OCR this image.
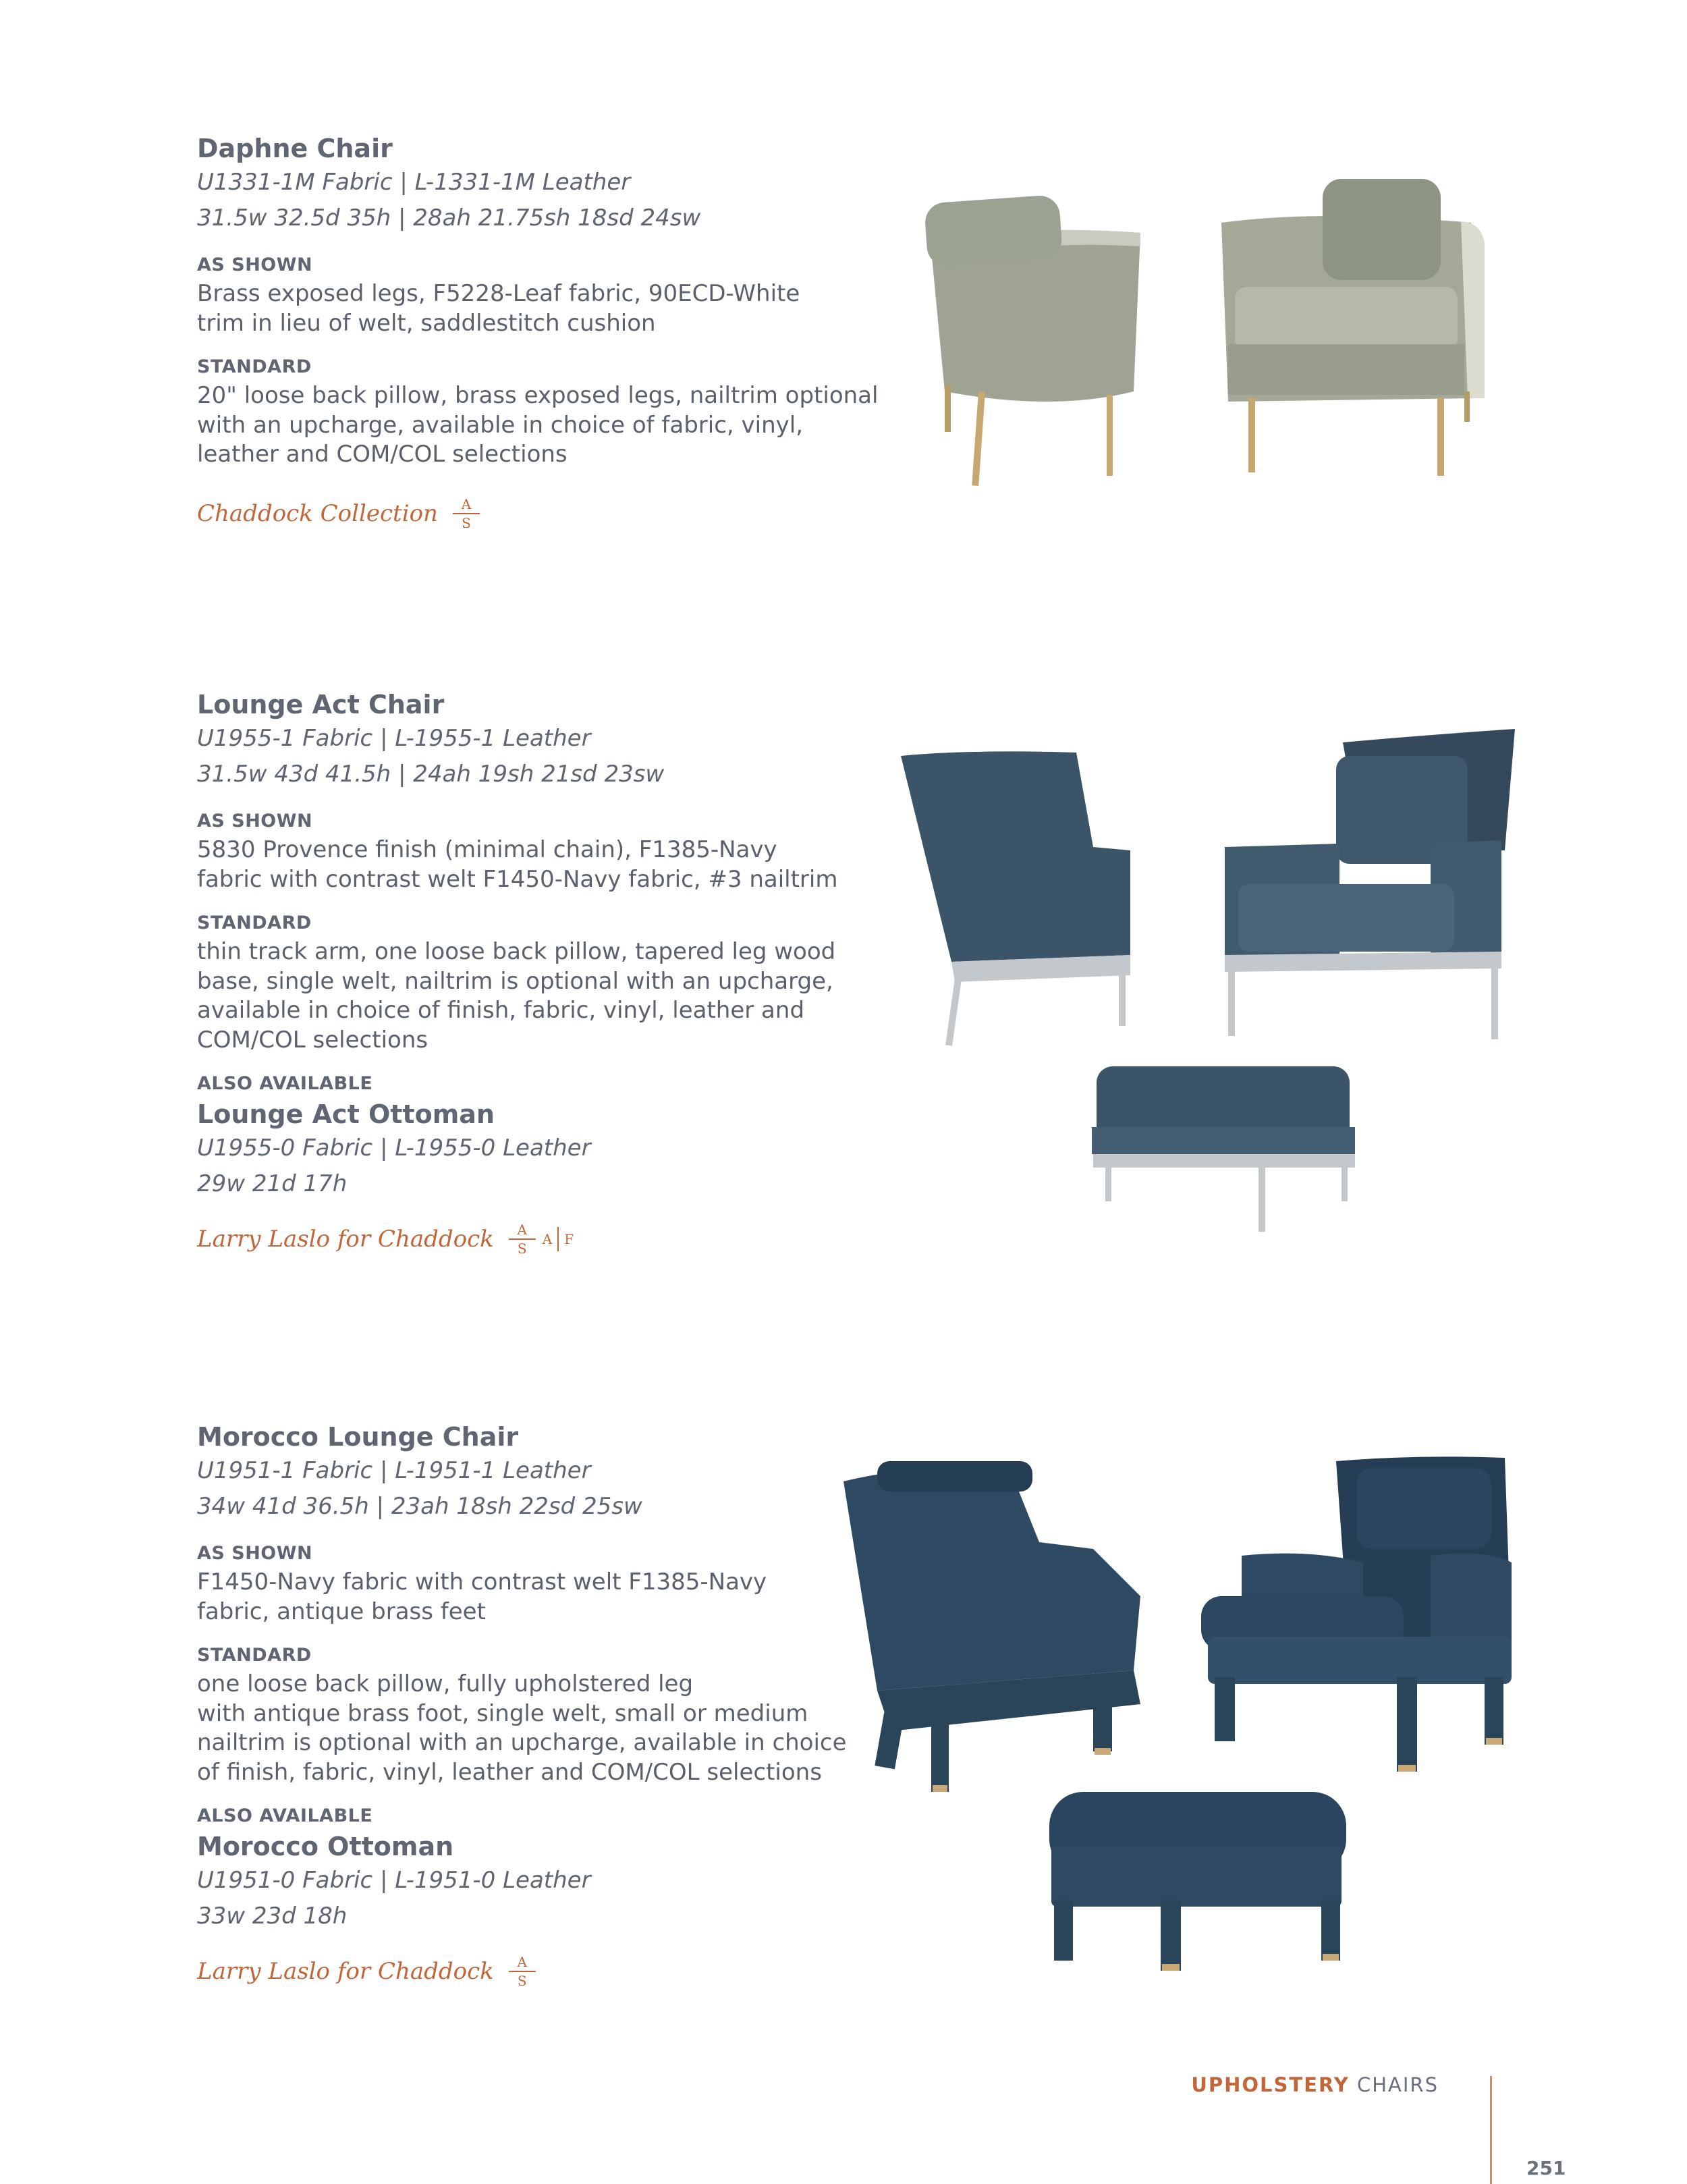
Daphne Chair

U1331-1M Fabric | L-1331-1M Leather

31.5w 32.5d 35h | 28ah 21.75sh 18sd 24sw

AS SHOWN

Brass exposed legs, F5228-Leaf fabric, 90ECD-White
trim in lieu of welt, saddlestitch cushion

STANDARD

20" loose back pillow, brass exposed legs, nailtrim optional
with an upcharge, available in choice of fabric, vinyl,
leather and COM/COL selections

Chaddock Collection $\frac{A}{S}$

Lounge Act Chair

U1955-1 Fabric | L-1955-1 Leather

31.5w 43d 41.5h | 24ah 19sh 21sd 23sw

AS SHOWN

5830 Provence finish (minimal chain), F1385-Navy
fabric with contrast welt F1450-Navy fabric, #3 nailtrim

STANDARD

thin track arm, one loose back pillow, tapered leg wood
base, single welt, nailtrim is optional with an upcharge,
available in choice of finish, fabric, vinyl, leather and
COM/COL selections

ALSO AVAILABLE

Lounge Act Ottoman

U1955-0 Fabric | L-1955-0 Leather

29w 21d 17h

Larry Laslo for Chaddock $\frac{A}{S}$ A F

Morocco Lounge Chair

U1951-1 Fabric | L-1951-1 Leather

34w 41d 36.5h | 23ah 18sh 22sd 25sw

AS SHOWN

F1450-Navy fabric with contrast welt F1385-Navy
fabric, antique brass feet

STANDARD

one loose back pillow, fully upholstered leg
with antique brass foot, single welt, small or medium
nailtrim is optional with an upcharge, available in choice
of finish, fabric, vinyl, leather and COM/COL selections

ALSO AVAILABLE

Morocco Ottoman

U1951-0 Fabric | L-1951-0 Leather

33w 23d 18h

Larry Laslo for Chaddock $\frac{A}{S}$
UPHOLSTERY CHAIRS
251
